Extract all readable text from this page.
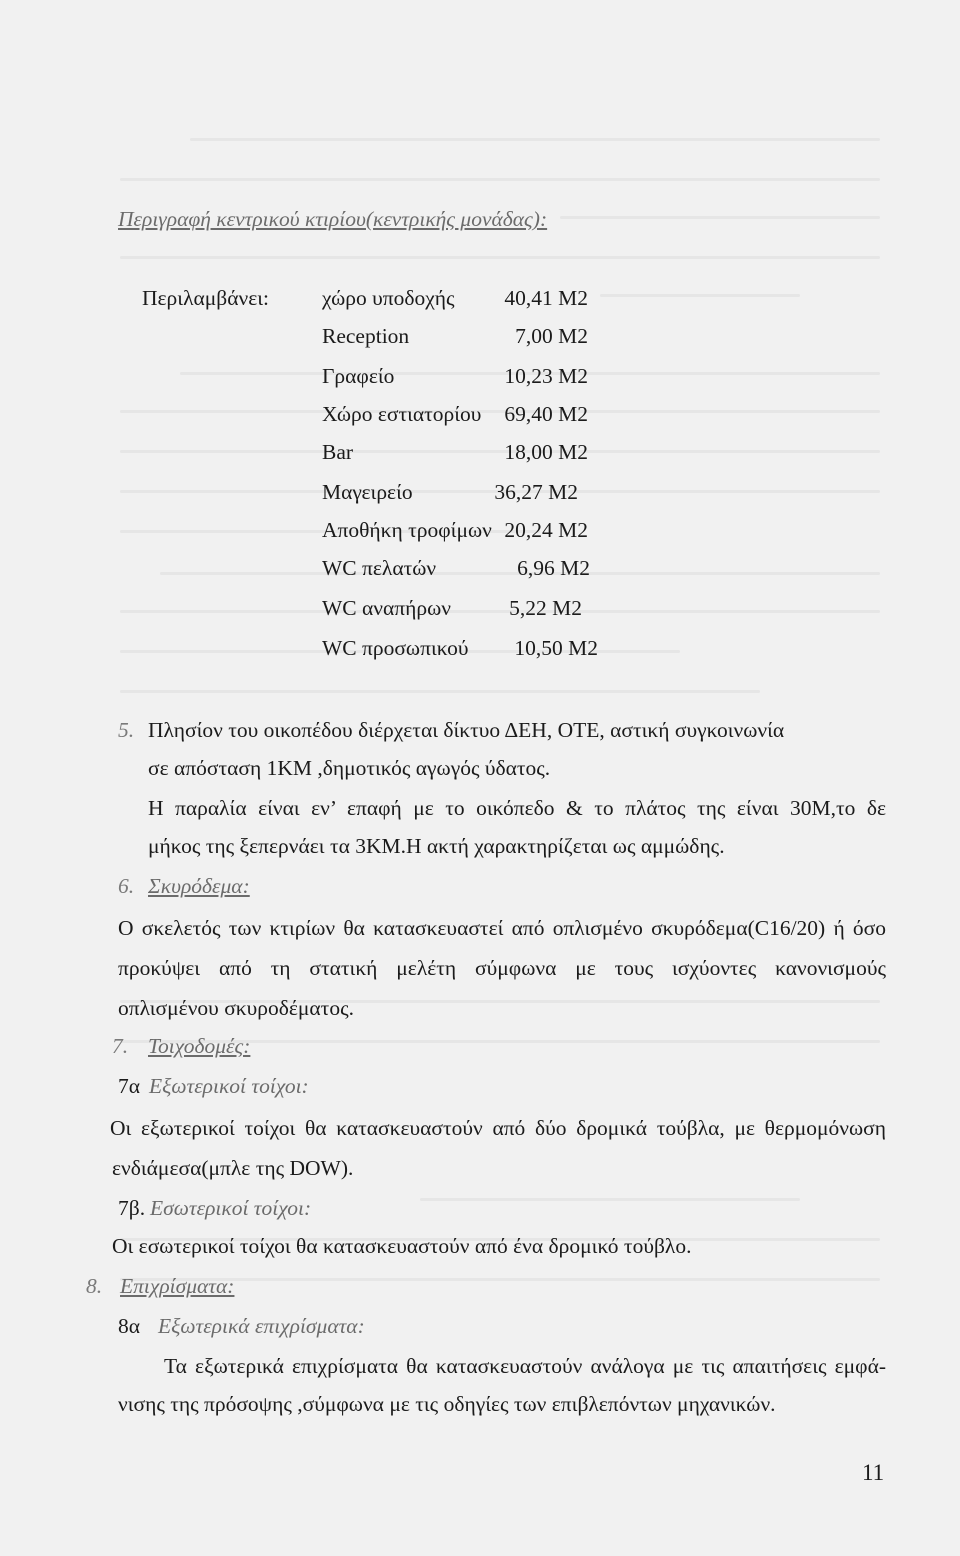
Περιγραφή κεντρικού κτιρίου(κεντρικής μονάδας):
Περιλαμβάνει: χώρο υποδοχής 40,41 Μ2
Reception	7,00 Μ2
Γραφείο	10,23 Μ2
Χώρο εστιατορίου 69,40 Μ2
Bar	18,00 Μ2
Μαγειρείο	36,27 Μ2
Αποθήκη τροφίμων 20,24 Μ2
WC πελατών	6,96 Μ2
WC αναπήρων	5,22 Μ2
WC προσωπικού 10,50 Μ2
5. Πλησίον του οικοπέδου διέρχεται δίκτυο ΔΕΗ, ΟΤΕ, αστική συγκοινωνία
σε απόσταση 1ΚΜ ,δημοτικός αγωγός ύδατος.
Η παραλία είναι εν’ επαφή με το οικόπεδο & το πλάτος της είναι 30Μ,το δε
μήκος της ξεπερνάει τα 3ΚΜ.Η ακτή χαρακτηρίζεται ως αμμώδης.
6. Σκυρόδεμα:
Ο σκελετός των κτιρίων θα κατασκευαστεί από οπλισμένο σκυρόδεμα(C16/20) ή όσο
προκύψει από τη στατική μελέτη σύμφωνα με τους ισχύοντες κανονισμούς
οπλισμένου σκυροδέματος.
7. Τοιχοδομές:
7α Εξωτερικοί τοίχοι:
Οι εξωτερικοί τοίχοι θα κατασκευαστούν από δύο δρομικά τούβλα, με θερμομόνωση
ενδιάμεσα(μπλε της DOW).
7β. Εσωτερικοί τοίχοι:
Οι εσωτερικοί τοίχοι θα κατασκευαστούν από ένα δρομικό τούβλο.
8. Επιχρίσματα:
8α Εξωτερικά επιχρίσματα:
Τα εξωτερικά επιχρίσματα θα κατασκευαστούν ανάλογα με τις απαιτήσεις εμφά-
νισης της πρόσοψης ,σύμφωνα με τις οδηγίες των επιβλεπόντων μηχανικών.
11
